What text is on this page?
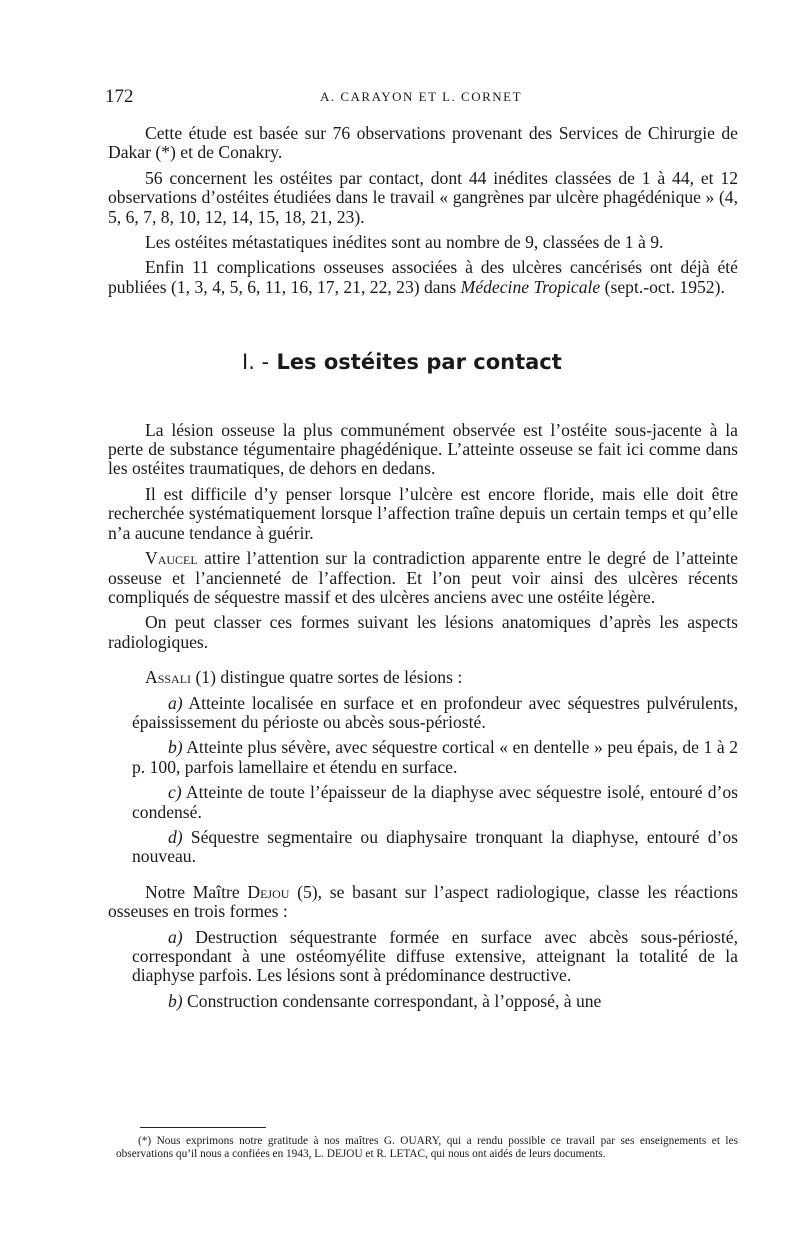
172	A. CARAYON ET L. CORNET

Cette étude est basée sur 76 observations provenant des Services de Chirurgie de Dakar (*) et de Conakry.

56 concernent les ostéites par contact, dont 44 inédites classées de 1 à 44, et 12 observations d’ostéites étudiées dans le travail « gangrènes par ulcère phagédénique » (4, 5, 6, 7, 8, 10, 12, 14, 15, 18, 21, 23).

Les ostéites métastatiques inédites sont au nombre de 9, classées de 1 à 9.

Enfin 11 complications osseuses associées à des ulcères cancérisés ont déjà été publiées (1, 3, 4, 5, 6, 11, 16, 17, 21, 22, 23) dans Médecine Tropicale (sept.-oct. 1952).

I. - Les ostéites par contact

La lésion osseuse la plus communément observée est l’ostéite sous-jacente à la perte de substance tégumentaire phagédénique. L’atteinte osseuse se fait ici comme dans les ostéites traumatiques, de dehors en dedans.

Il est difficile d’y penser lorsque l’ulcère est encore floride, mais elle doit être recherchée systématiquement lorsque l’affection traîne depuis un certain temps et qu’elle n’a aucune tendance à guérir.

Vaucel attire l’attention sur la contradiction apparente entre le degré de l’atteinte osseuse et l’ancienneté de l’affection. Et l’on peut voir ainsi des ulcères récents compliqués de séquestre massif et des ulcères anciens avec une ostéite légère.

On peut classer ces formes suivant les lésions anatomiques d’après les aspects radiologiques.

Assali (1) distingue quatre sortes de lésions :

a) Atteinte localisée en surface et en profondeur avec séquestres pulvérulents, épaississement du périoste ou abcès sous-périosté.

b) Atteinte plus sévère, avec séquestre cortical « en dentelle » peu épais, de 1 à 2 p. 100, parfois lamellaire et étendu en surface.

c) Atteinte de toute l’épaisseur de la diaphyse avec séquestre isolé, entouré d’os condensé.

d) Séquestre segmentaire ou diaphysaire tronquant la diaphyse, entouré d’os nouveau.

Notre Maître Dejou (5), se basant sur l’aspect radiologique, classe les réactions osseuses en trois formes :

a) Destruction séquestrante formée en surface avec abcès sous-périosté, correspondant à une ostéomyélite diffuse extensive, atteignant la totalité de la diaphyse parfois. Les lésions sont à prédominance destructive.

b) Construction condensante correspondant, à l’opposé, à une

(*) Nous exprimons notre gratitude à nos maîtres G. OUARY, qui a rendu possible ce travail par ses enseignements et les observations qu’il nous a confiées en 1943, L. DEJOU et R. LETAC, qui nous ont aidés de leurs documents.
